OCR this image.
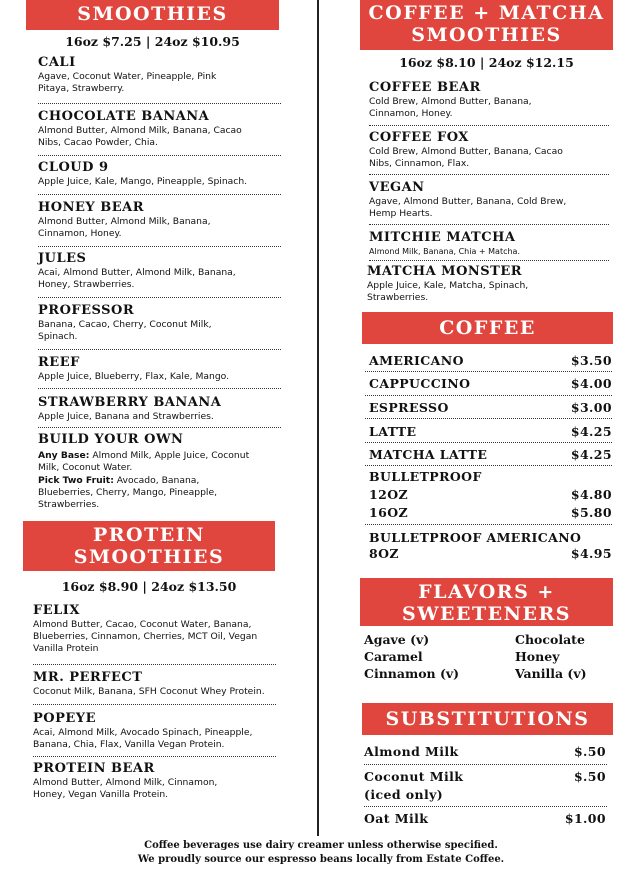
SMOOTHIES
16oz $7.25 | 24oz $10.95
CALI
Agave, Coconut Water, Pineapple, Pink Pitaya, Strawberry.
CHOCOLATE BANANA
Almond Butter, Almond Milk, Banana, Cacao Nibs, Cacao Powder, Chia.
CLOUD 9
Apple Juice, Kale, Mango, Pineapple, Spinach.
HONEY BEAR
Almond Butter, Almond Milk, Banana, Cinnamon, Honey.
JULES
Acai, Almond Butter, Almond Milk, Banana, Honey, Strawberries.
PROFESSOR
Banana, Cacao, Cherry, Coconut Milk, Spinach.
REEF
Apple Juice, Blueberry, Flax, Kale, Mango.
STRAWBERRY BANANA
Apple Juice, Banana and Strawberries.
BUILD YOUR OWN
Any Base: Almond Milk, Apple Juice, Coconut Milk, Coconut Water.
Pick Two Fruit: Avocado, Banana, Blueberries, Cherry, Mango, Pineapple, Strawberries.
PROTEIN
SMOOTHIES
16oz $8.90 | 24oz $13.50
FELIX
Almond Butter, Cacao, Coconut Water, Banana, Blueberries, Cinnamon, Cherries, MCT Oil, Vegan Vanilla Protein
MR. PERFECT
Coconut Milk, Banana, SFH Coconut Whey Protein.
POPEYE
Acai, Almond Milk, Avocado Spinach, Pineapple, Banana, Chia, Flax, Vanilla Vegan Protein.
PROTEIN BEAR
Almond Butter, Almond Milk, Cinnamon, Honey, Vegan Vanilla Protein.
COFFEE + MATCHA
SMOOTHIES
16oz $8.10 | 24oz $12.15
COFFEE BEAR
Cold Brew, Almond Butter, Banana, Cinnamon, Honey.
COFFEE FOX
Cold Brew, Almond Butter, Banana, Cacao Nibs, Cinnamon, Flax.
VEGAN
Agave, Almond Butter, Banana, Cold Brew, Hemp Hearts.
MITCHIE MATCHA
Almond Milk, Banana, Chia + Matcha.
MATCHA MONSTER
Apple Juice, Kale, Matcha, Spinach, Strawberries.
COFFEE
AMERICANO	$3.50
CAPPUCCINO	$4.00
ESPRESSO	$3.00
LATTE	$4.25
MATCHA LATTE	$4.25
BULLETPROOF
12OZ	$4.80
16OZ	$5.80
BULLETPROOF AMERICANO
8OZ	$4.95
FLAVORS +
SWEETENERS
Agave (v)
Caramel
Cinnamon (v)
Chocolate
Honey
Vanilla (v)
SUBSTITUTIONS
Almond Milk	$.50
Coconut Milk	$.50
(iced only)
Oat Milk	$1.00
Coffee beverages use dairy creamer unless otherwise specified.
We proudly source our espresso beans locally from Estate Coffee.
